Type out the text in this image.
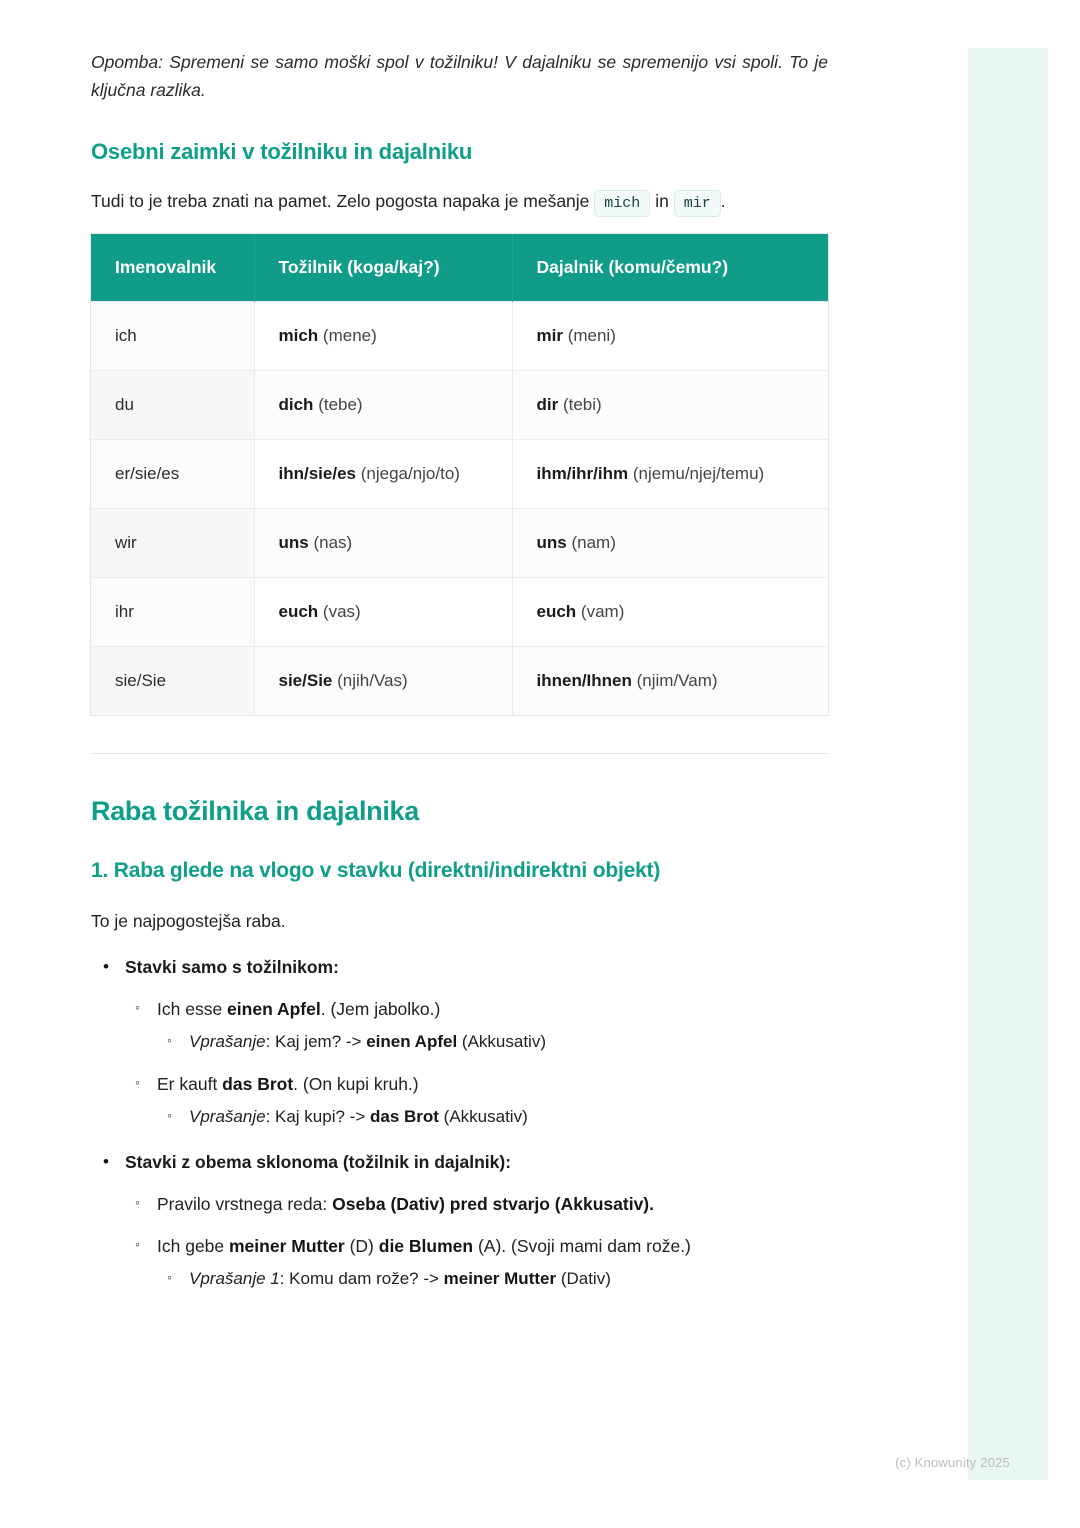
Opomba: Spremeni se samo moški spol v tožilniku! V dajalniku se spremenijo vsi spoli. To je ključna razlika.

Osebni zaimki v tožilniku in dajalniku

Tudi to je treba znati na pamet. Zelo pogosta napaka je mešanje mich in mir .

Imenovalnik	Tožilnik (koga/kaj?)	Dajalnik (komu/čemu?)
ich	mich (mene)	mir (meni)
du	dich (tebe)	dir (tebi)
er/sie/es	ihn/sie/es (njega/njo/to)	ihm/ihr/ihm (njemu/njej/temu)
wir	uns (nas)	uns (nam)
ihr	euch (vas)	euch (vam)
sie/Sie	sie/Sie (njih/Vas)	ihnen/Ihnen (njim/Vam)
Raba tožilnika in dajalnika
1. Raba glede na vlogo v stavku (direktni/indirektni objekt)

To je najpogostejša raba.

• Stavki samo s tožilnikom:
◦ Ich esse einen Apfel. (Jem jabolko.)
◦ Vprašanje: Kaj jem? -> einen Apfel (Akkusativ)
◦ Er kauft das Brot. (On kupi kruh.)
◦ Vprašanje: Kaj kupi? -> das Brot (Akkusativ)
• Stavki z obema sklonoma (tožilnik in dajalnik):
◦ Pravilo vrstnega reda: Oseba (Dativ) pred stvarjo (Akkusativ).
◦ Ich gebe meiner Mutter (D) die Blumen (A). (Svoji mami dam rože.)
◦ Vprašanje 1: Komu dam rože? -> meiner Mutter (Dativ)
(c) Knowunity 2025
